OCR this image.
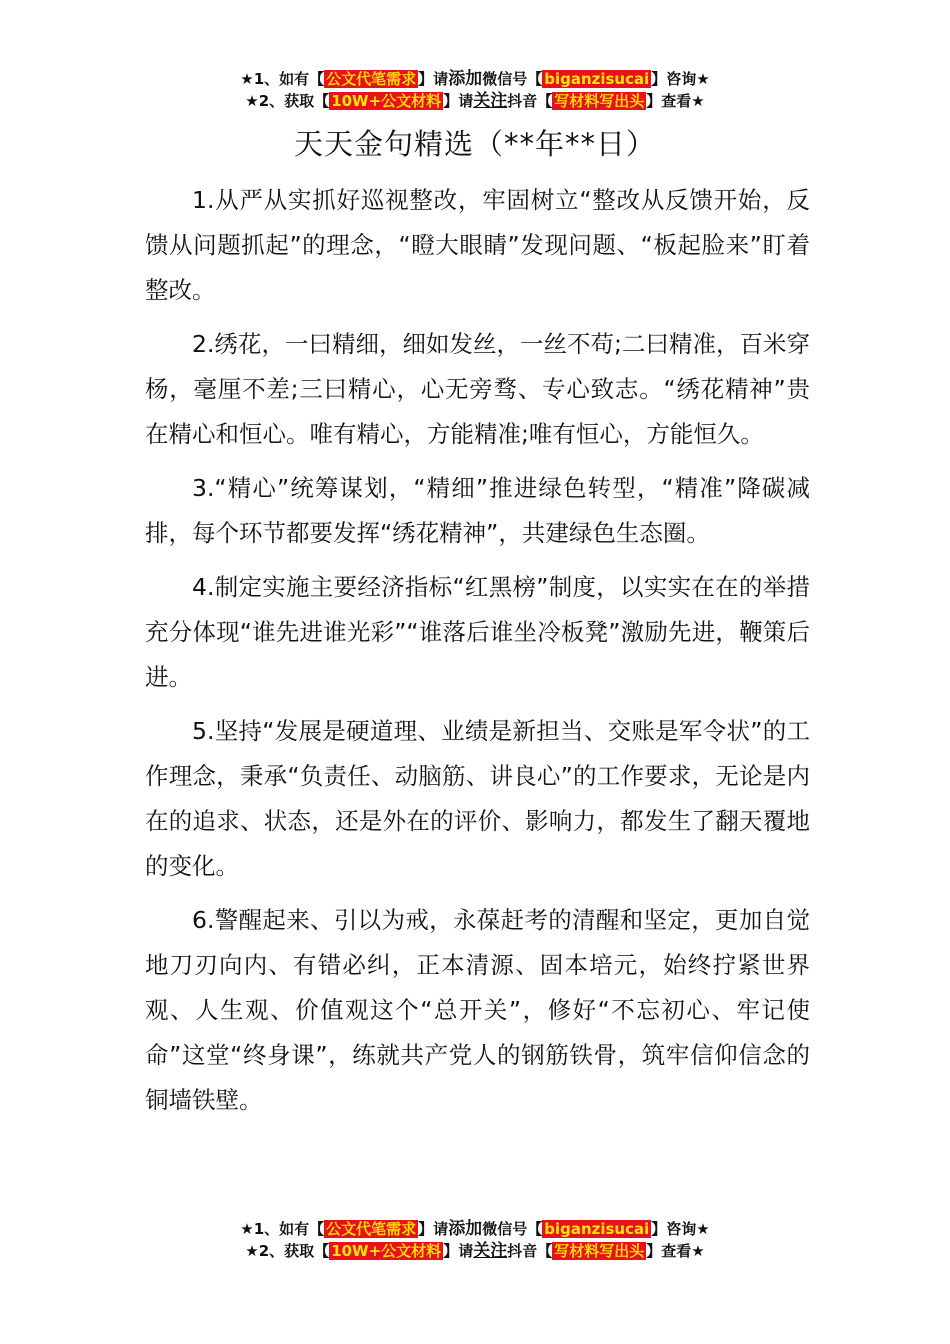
★1、如有【 公文代笔需求 】请添加微信号【 biganzisucai 】咨询★
★2、获取【 10W+公文材料 】请关注抖音【 写材料写出头 】查看★
天天金句精选（**年**日）

1.从严从实抓好巡视整改，牢固树立“整改从反馈开始，反馈从问题抓起”的理念，“瞪大眼睛”发现问题、“板起脸来”盯着整改。

2.绣花，一曰精细，细如发丝，一丝不苟;二曰精准，百米穿杨，毫厘不差;三曰精心，心无旁骛、专心致志。“绣花精神”贵在精心和恒心。唯有精心，方能精准;唯有恒心，方能恒久。

3.“精心”统筹谋划，“精细”推进绿色转型，“精准”降碳减排，每个环节都要发挥“绣花精神”，共建绿色生态圈。

4.制定实施主要经济指标“红黑榜”制度，以实实在在的举措充分体现“谁先进谁光彩”“谁落后谁坐冷板凳”激励先进，鞭策后进。

5.坚持“发展是硬道理、业绩是新担当、交账是军令状”的工作理念，秉承“负责任、动脑筋、讲良心”的工作要求，无论是内在的追求、状态，还是外在的评价、影响力，都发生了翻天覆地的变化。

6.警醒起来、引以为戒，永葆赶考的清醒和坚定，更加自觉地刀刃向内、有错必纠，正本清源、固本培元，始终拧紧世界观、人生观、价值观这个“总开关”，修好“不忘初心、牢记使命”这堂“终身课”，练就共产党人的钢筋铁骨，筑牢信仰信念的铜墙铁壁。

★1、如有【 公文代笔需求 】请添加微信号【 biganzisucai 】咨询★
★2、获取【 10W+公文材料 】请关注抖音【 写材料写出头 】查看★
